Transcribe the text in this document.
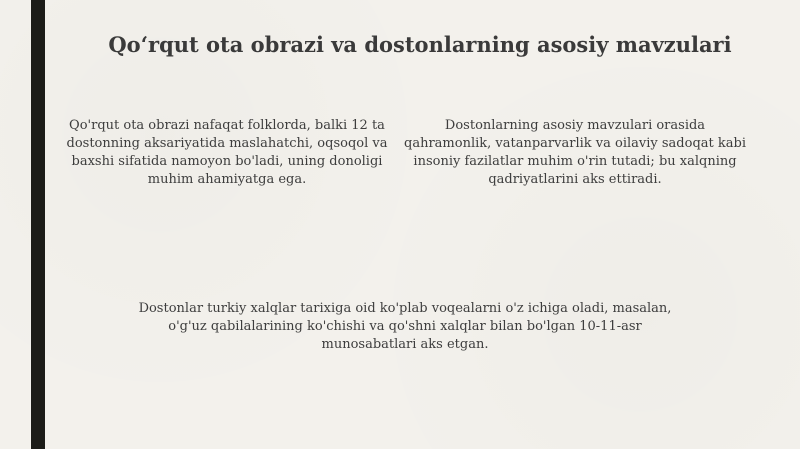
Qoʻrqut ota obrazi va dostonlarning asosiy mavzulari
Qo'rqut ota obrazi nafaqat folklorda, balki 12 ta dostonning aksariyatida maslahatchi, oqsoqol va baxshi sifatida namoyon bo'ladi, uning donoligi muhim ahamiyatga ega.
Dostonlarning asosiy mavzulari orasida qahramonlik, vatanparvarlik va oilaviy sadoqat kabi insoniy fazilatlar muhim o'rin tutadi; bu xalqning qadriyatlarini aks ettiradi.
Dostonlar turkiy xalqlar tarixiga oid ko'plab voqealarni o'z ichiga oladi, masalan, o'g'uz qabilalarining ko'chishi va qo'shni xalqlar bilan bo'lgan 10-11-asr munosabatlari aks etgan.
